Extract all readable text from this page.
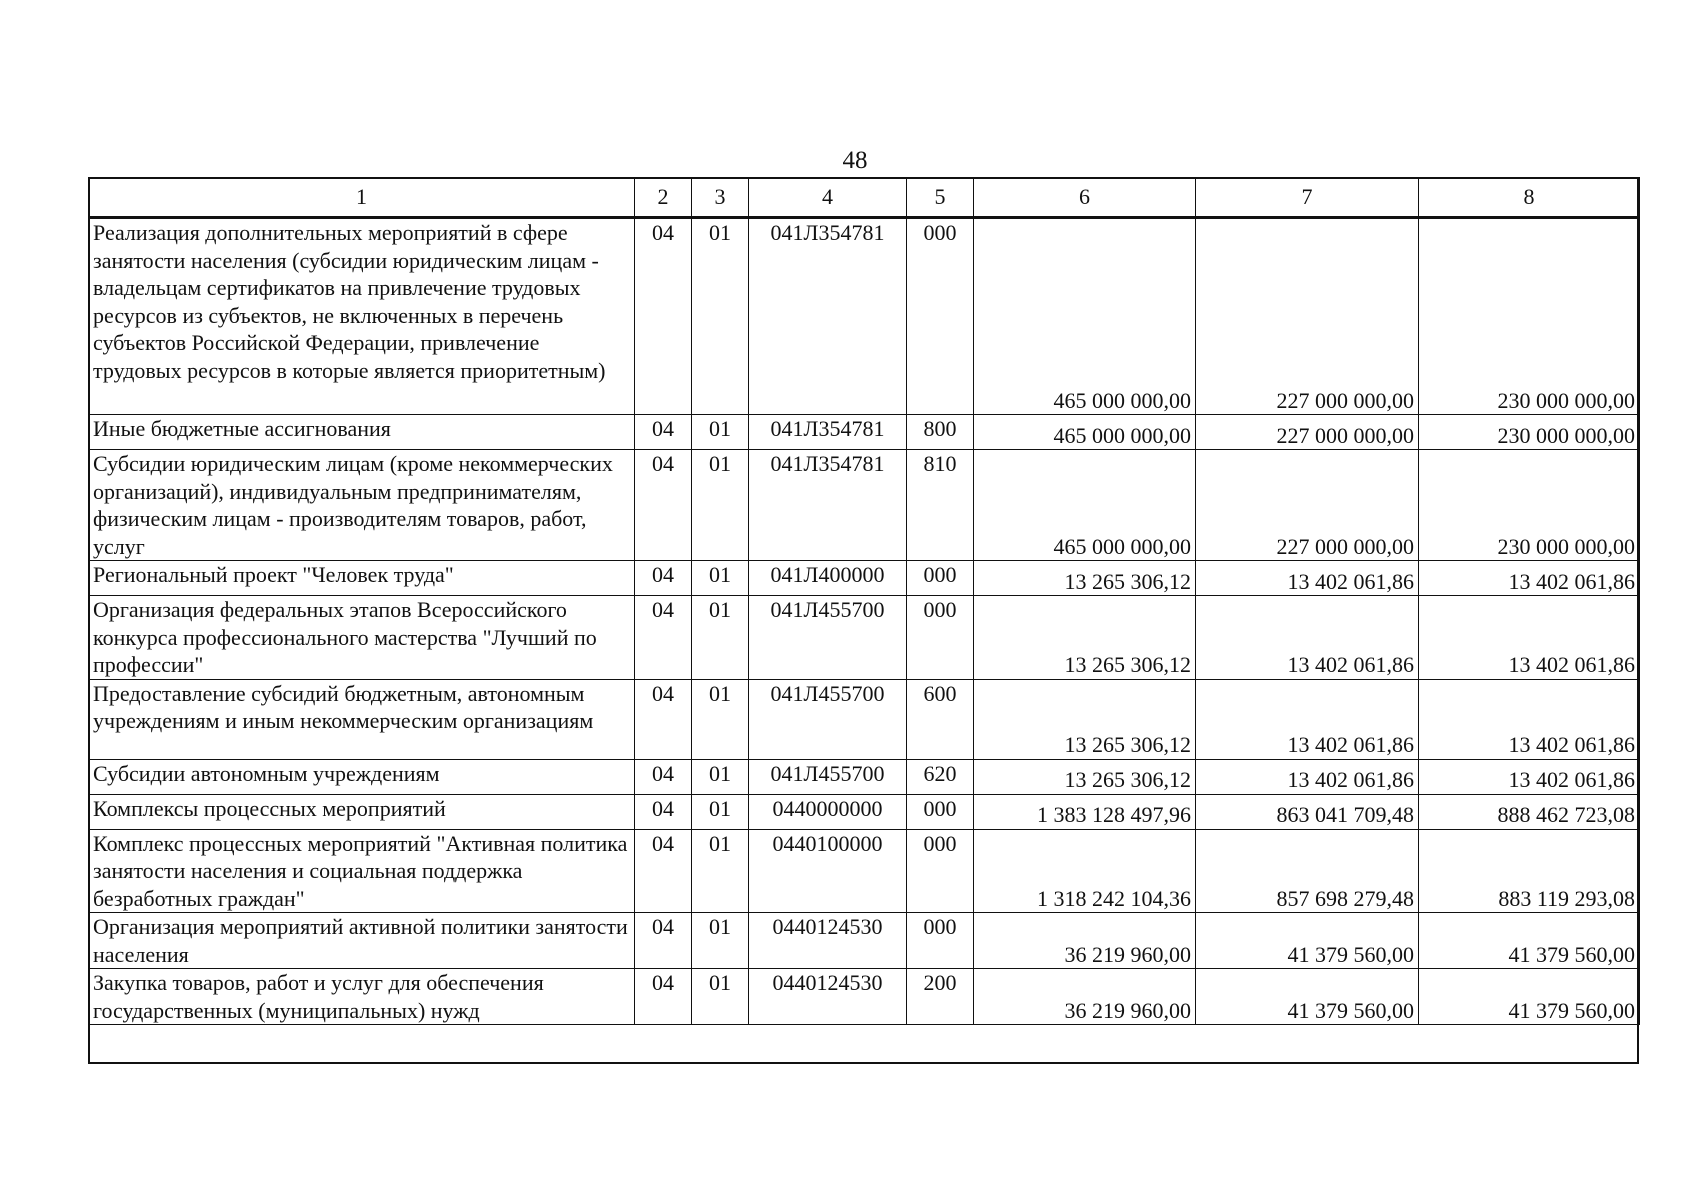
48
1	2	3	4	5	6	7	8
Реализация дополнительных мероприятий в сфере занятости населения (субсидии юридическим лицам - владельцам сертификатов на привлечение трудовых ресурсов из субъектов, не включенных в перечень субъектов Российской Федерации, привлечение трудовых ресурсов в которые является приоритетным)	04	01	041Л354781	000	465 000 000,00	227 000 000,00	230 000 000,00
Иные бюджетные ассигнования	04	01	041Л354781	800	465 000 000,00	227 000 000,00	230 000 000,00
Субсидии юридическим лицам (кроме некоммерческих организаций), индивидуальным предпринимателям, физическим лицам - производителям товаров, работ, услуг	04	01	041Л354781	810	465 000 000,00	227 000 000,00	230 000 000,00
Региональный проект "Человек труда"	04	01	041Л400000	000	13 265 306,12	13 402 061,86	13 402 061,86
Организация федеральных этапов Всероссийского конкурса профессионального мастерства "Лучший по профессии"	04	01	041Л455700	000	13 265 306,12	13 402 061,86	13 402 061,86
Предоставление субсидий бюджетным, автономным учреждениям и иным некоммерческим организациям	04	01	041Л455700	600	13 265 306,12	13 402 061,86	13 402 061,86
Субсидии автономным учреждениям	04	01	041Л455700	620	13 265 306,12	13 402 061,86	13 402 061,86
Комплексы процессных мероприятий	04	01	0440000000	000	1 383 128 497,96	863 041 709,48	888 462 723,08
Комплекс процессных мероприятий "Активная политика занятости населения и социальная поддержка безработных граждан"	04	01	0440100000	000	1 318 242 104,36	857 698 279,48	883 119 293,08
Организация мероприятий активной политики занятости населения	04	01	0440124530	000	36 219 960,00	41 379 560,00	41 379 560,00
Закупка товаров, работ и услуг для обеспечения государственных (муниципальных) нужд	04	01	0440124530	200	36 219 960,00	41 379 560,00	41 379 560,00
